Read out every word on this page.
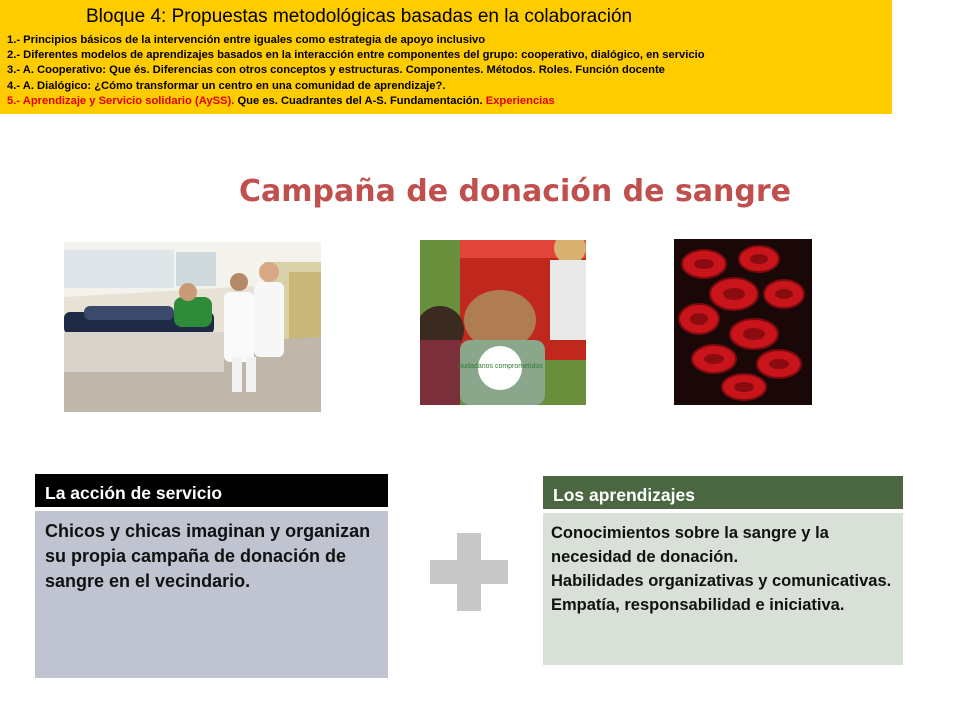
Bloque 4: Propuestas metodológicas basadas en la colaboración
1.- Principios básicos de la intervención entre iguales como estrategia de apoyo inclusivo
2.- Diferentes modelos de aprendizajes basados en la interacción entre componentes del grupo: cooperativo, dialógico, en servicio
3.- A. Cooperativo: Que és. Diferencias con otros conceptos y estructuras. Componentes. Métodos. Roles. Función docente
4.- A. Dialógico: ¿Cómo transformar un centro en una comunidad de aprendizaje?.
5.- Aprendizaje y Servicio solidario (AySS). Que es. Cuadrantes del A-S. Fundamentación. Experiencias
Campaña de donación de sangre
ciudadanos comprometidos
La acción de servicio
Chicos y chicas imaginan y organizan su propia campaña de donación de sangre en el vecindario.
Los aprendizajes
Conocimientos sobre la sangre y la necesidad de donación.
Habilidades organizativas y comunicativas.
Empatía, responsabilidad e iniciativa.
